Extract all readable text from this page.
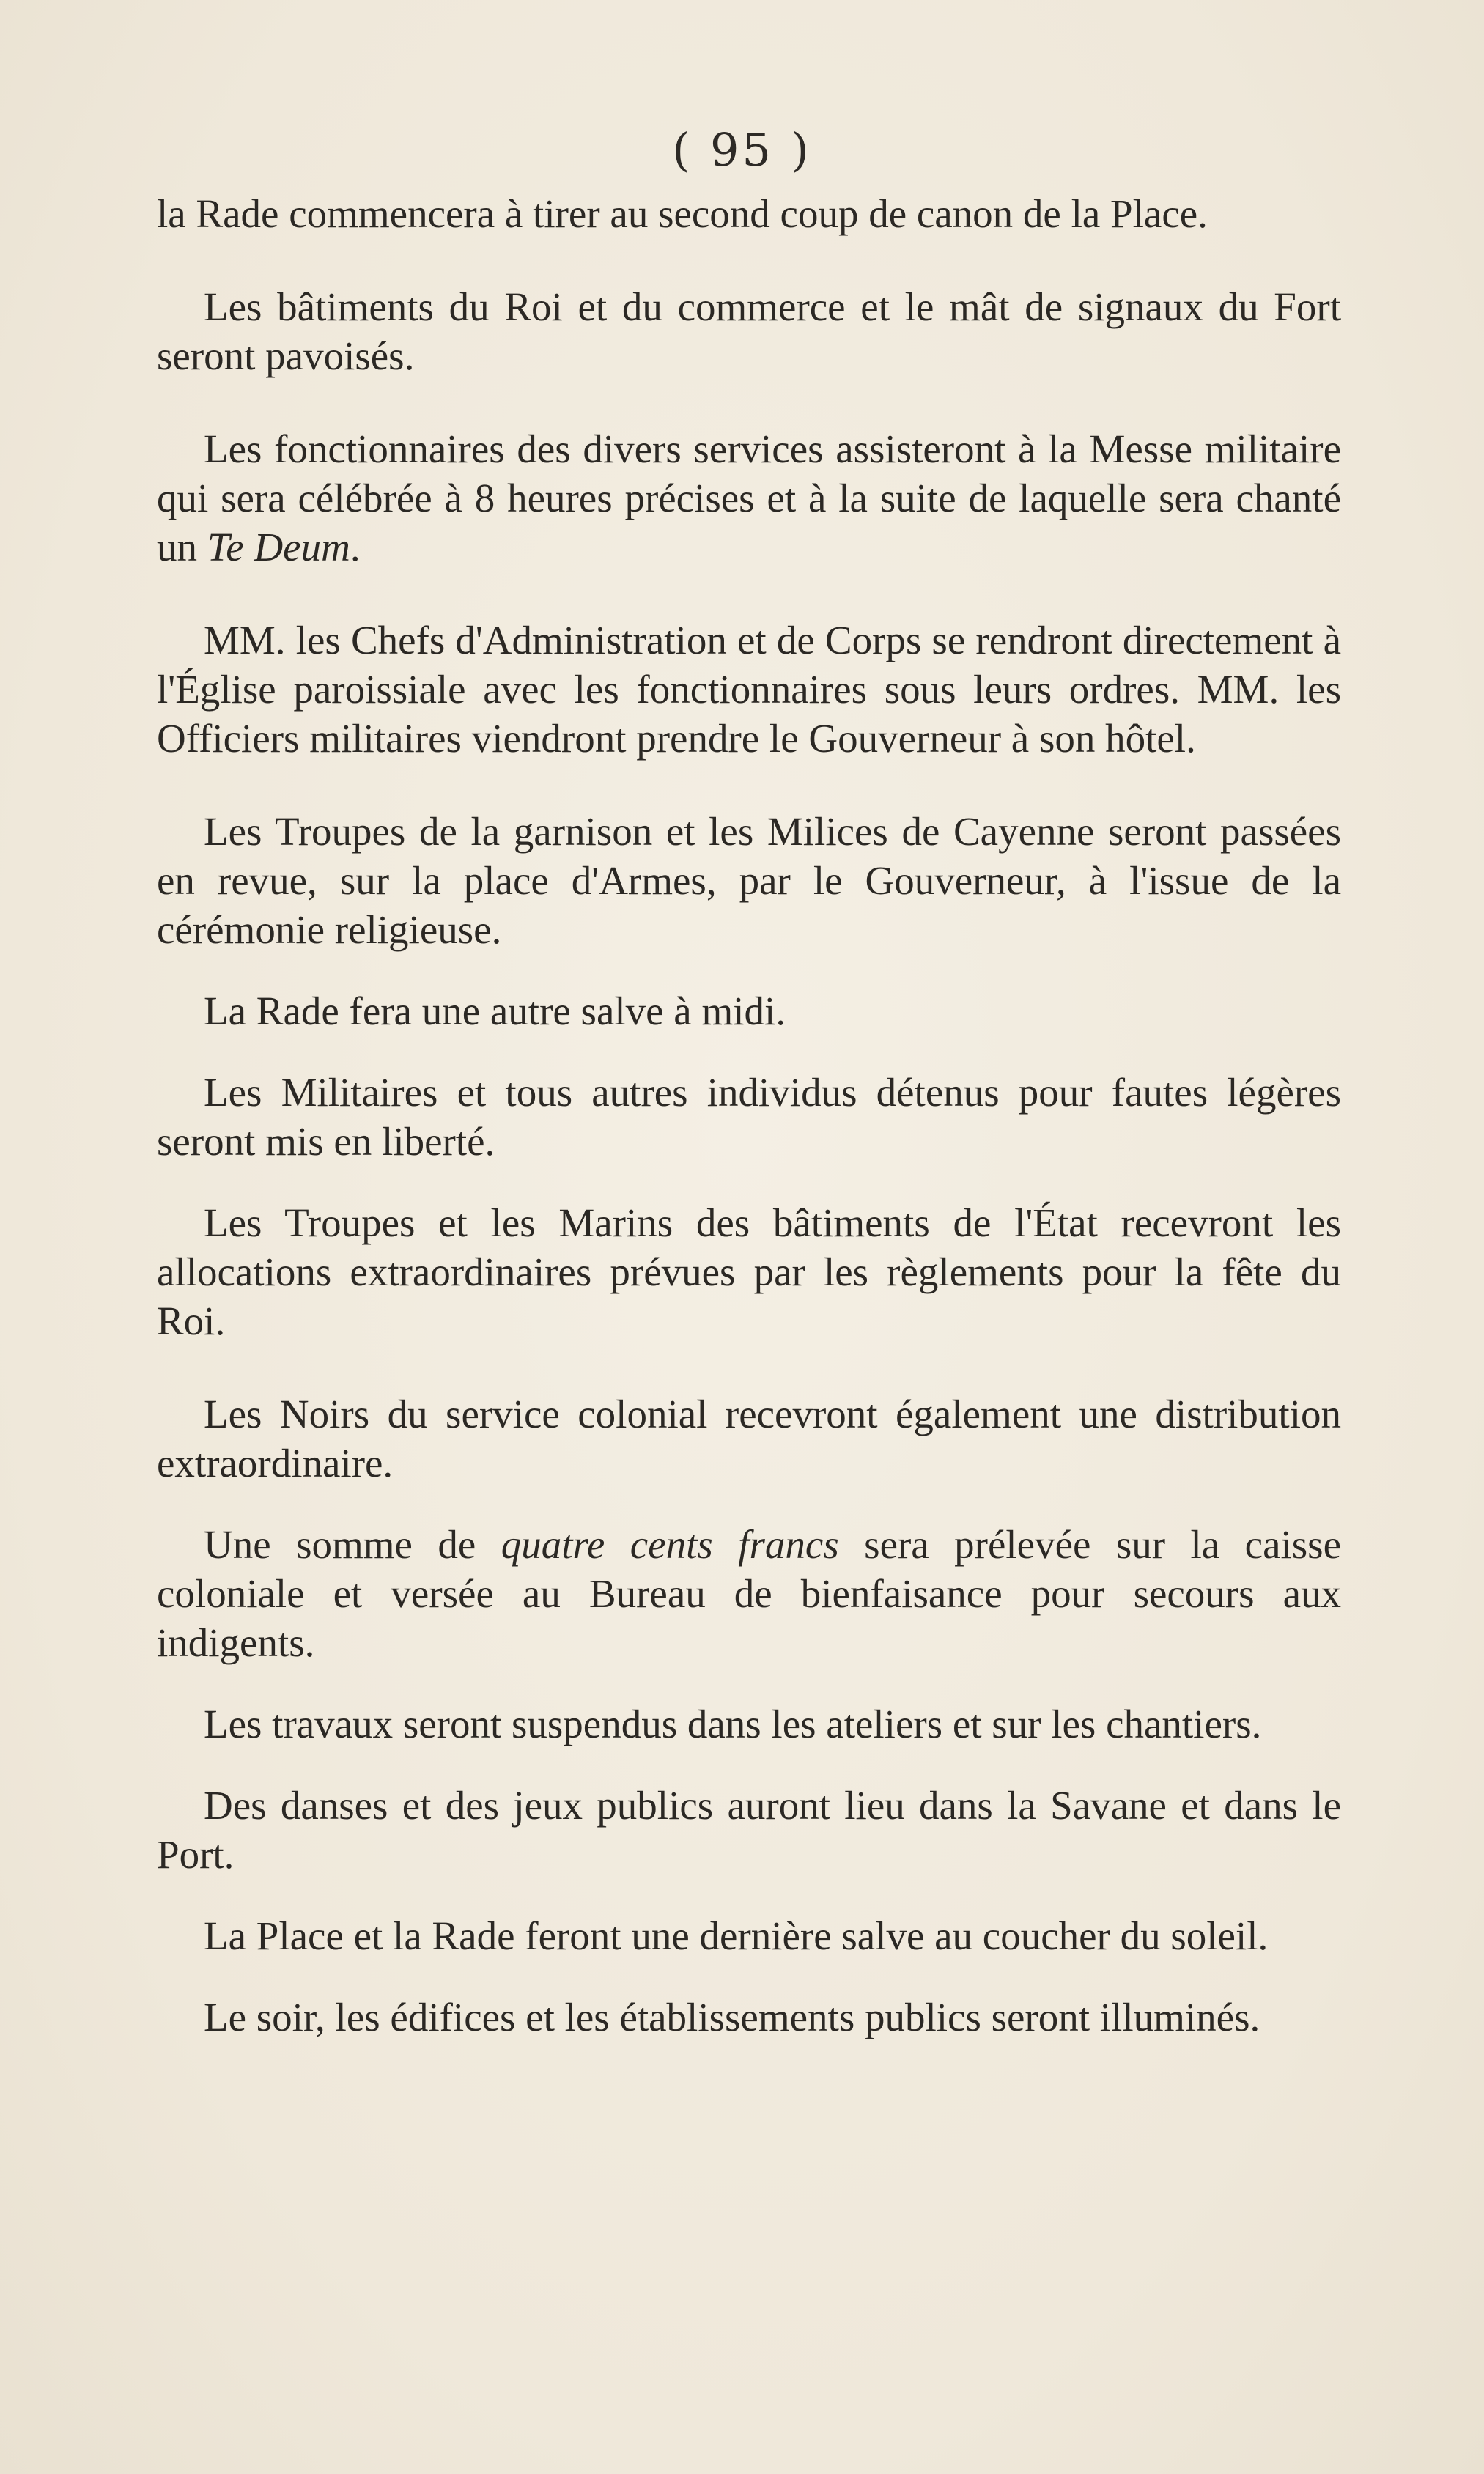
( 95 )

la Rade commencera à tirer au second coup de canon de la Place.

Les bâtiments du Roi et du commerce et le mât de signaux du Fort seront pavoisés.

Les fonctionnaires des divers services assisteront à la Messe militaire qui sera célébrée à 8 heures précises et à la suite de laquelle sera chanté un Te Deum.

MM. les Chefs d'Administration et de Corps se rendront directement à l'Église paroissiale avec les fonctionnaires sous leurs ordres. MM. les Officiers militaires viendront prendre le Gouverneur à son hôtel.

Les Troupes de la garnison et les Milices de Cayenne seront passées en revue, sur la place d'Armes, par le Gouverneur, à l'issue de la cérémonie religieuse.

La Rade fera une autre salve à midi.

Les Militaires et tous autres individus détenus pour fautes légères seront mis en liberté.

Les Troupes et les Marins des bâtiments de l'État recevront les allocations extraordinaires prévues par les règlements pour la fête du Roi.

Les Noirs du service colonial recevront également une distribution extraordinaire.

Une somme de quatre cents francs sera prélevée sur la caisse coloniale et versée au Bureau de bienfaisance pour secours aux indigents.

Les travaux seront suspendus dans les ateliers et sur les chantiers.

Des danses et des jeux publics auront lieu dans la Savane et dans le Port.

La Place et la Rade feront une dernière salve au coucher du soleil.

Le soir, les édifices et les établissements publics seront illuminés.
